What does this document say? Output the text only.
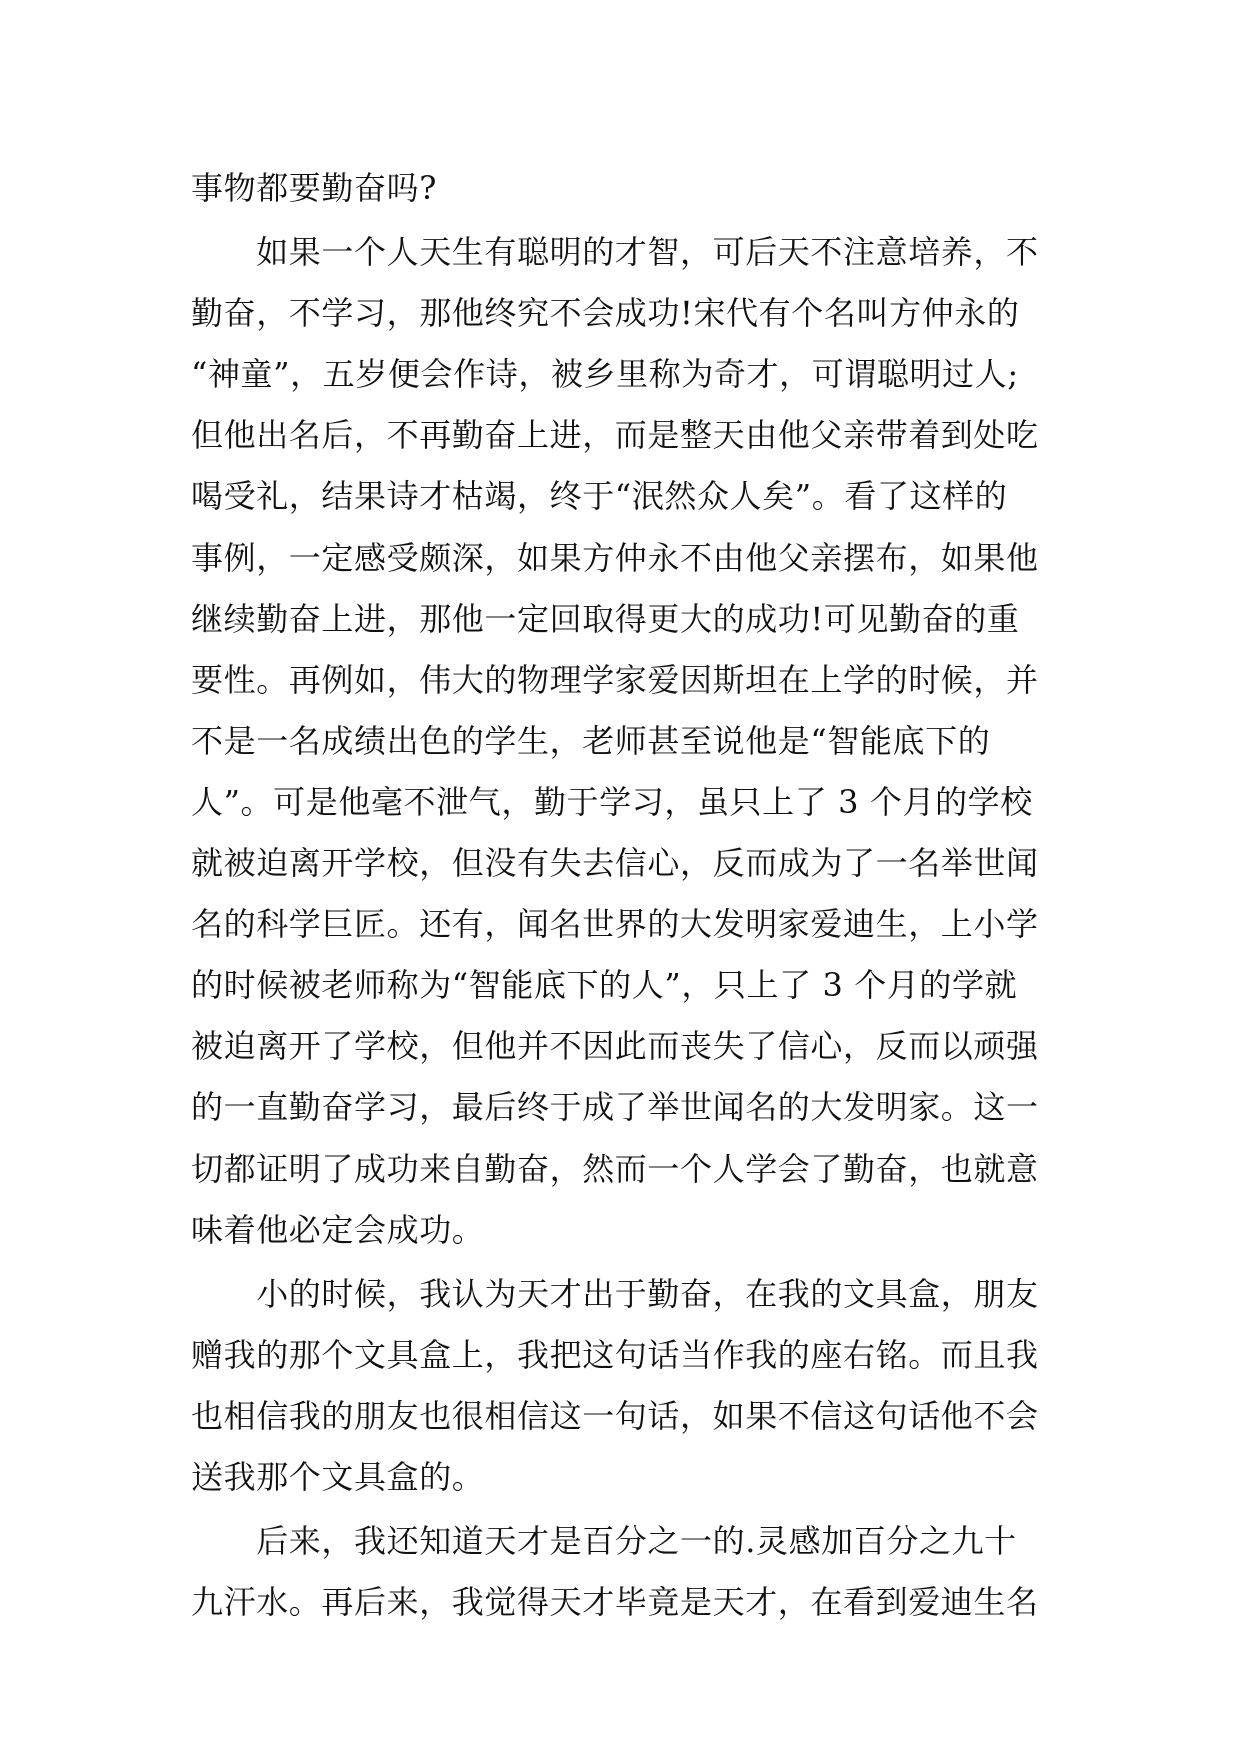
事物都要勤奋吗?
　　如果一个人天生有聪明的才智，可后天不注意培养，不
勤奋，不学习，那他终究不会成功!宋代有个名叫方仲永的
“神童”，五岁便会作诗，被乡里称为奇才，可谓聪明过人;
但他出名后，不再勤奋上进，而是整天由他父亲带着到处吃
喝受礼，结果诗才枯竭，终于“泯然众人矣”。看了这样的
事例，一定感受颇深，如果方仲永不由他父亲摆布，如果他
继续勤奋上进，那他一定回取得更大的成功!可见勤奋的重
要性。再例如，伟大的物理学家爱因斯坦在上学的时候，并
不是一名成绩出色的学生，老师甚至说他是“智能底下的
人”。可是他毫不泄气，勤于学习，虽只上了 3 个月的学校
就被迫离开学校，但没有失去信心，反而成为了一名举世闻
名的科学巨匠。还有，闻名世界的大发明家爱迪生，上小学
的时候被老师称为“智能底下的人”，只上了 3 个月的学就
被迫离开了学校，但他并不因此而丧失了信心，反而以顽强
的一直勤奋学习，最后终于成了举世闻名的大发明家。这一
切都证明了成功来自勤奋，然而一个人学会了勤奋，也就意
味着他必定会成功。
　　小的时候，我认为天才出于勤奋，在我的文具盒，朋友
赠我的那个文具盒上，我把这句话当作我的座右铭。而且我
也相信我的朋友也很相信这一句话，如果不信这句话他不会
送我那个文具盒的。
　　后来，我还知道天才是百分之一的.灵感加百分之九十
九汗水。再后来，我觉得天才毕竟是天才，在看到爱迪生名
